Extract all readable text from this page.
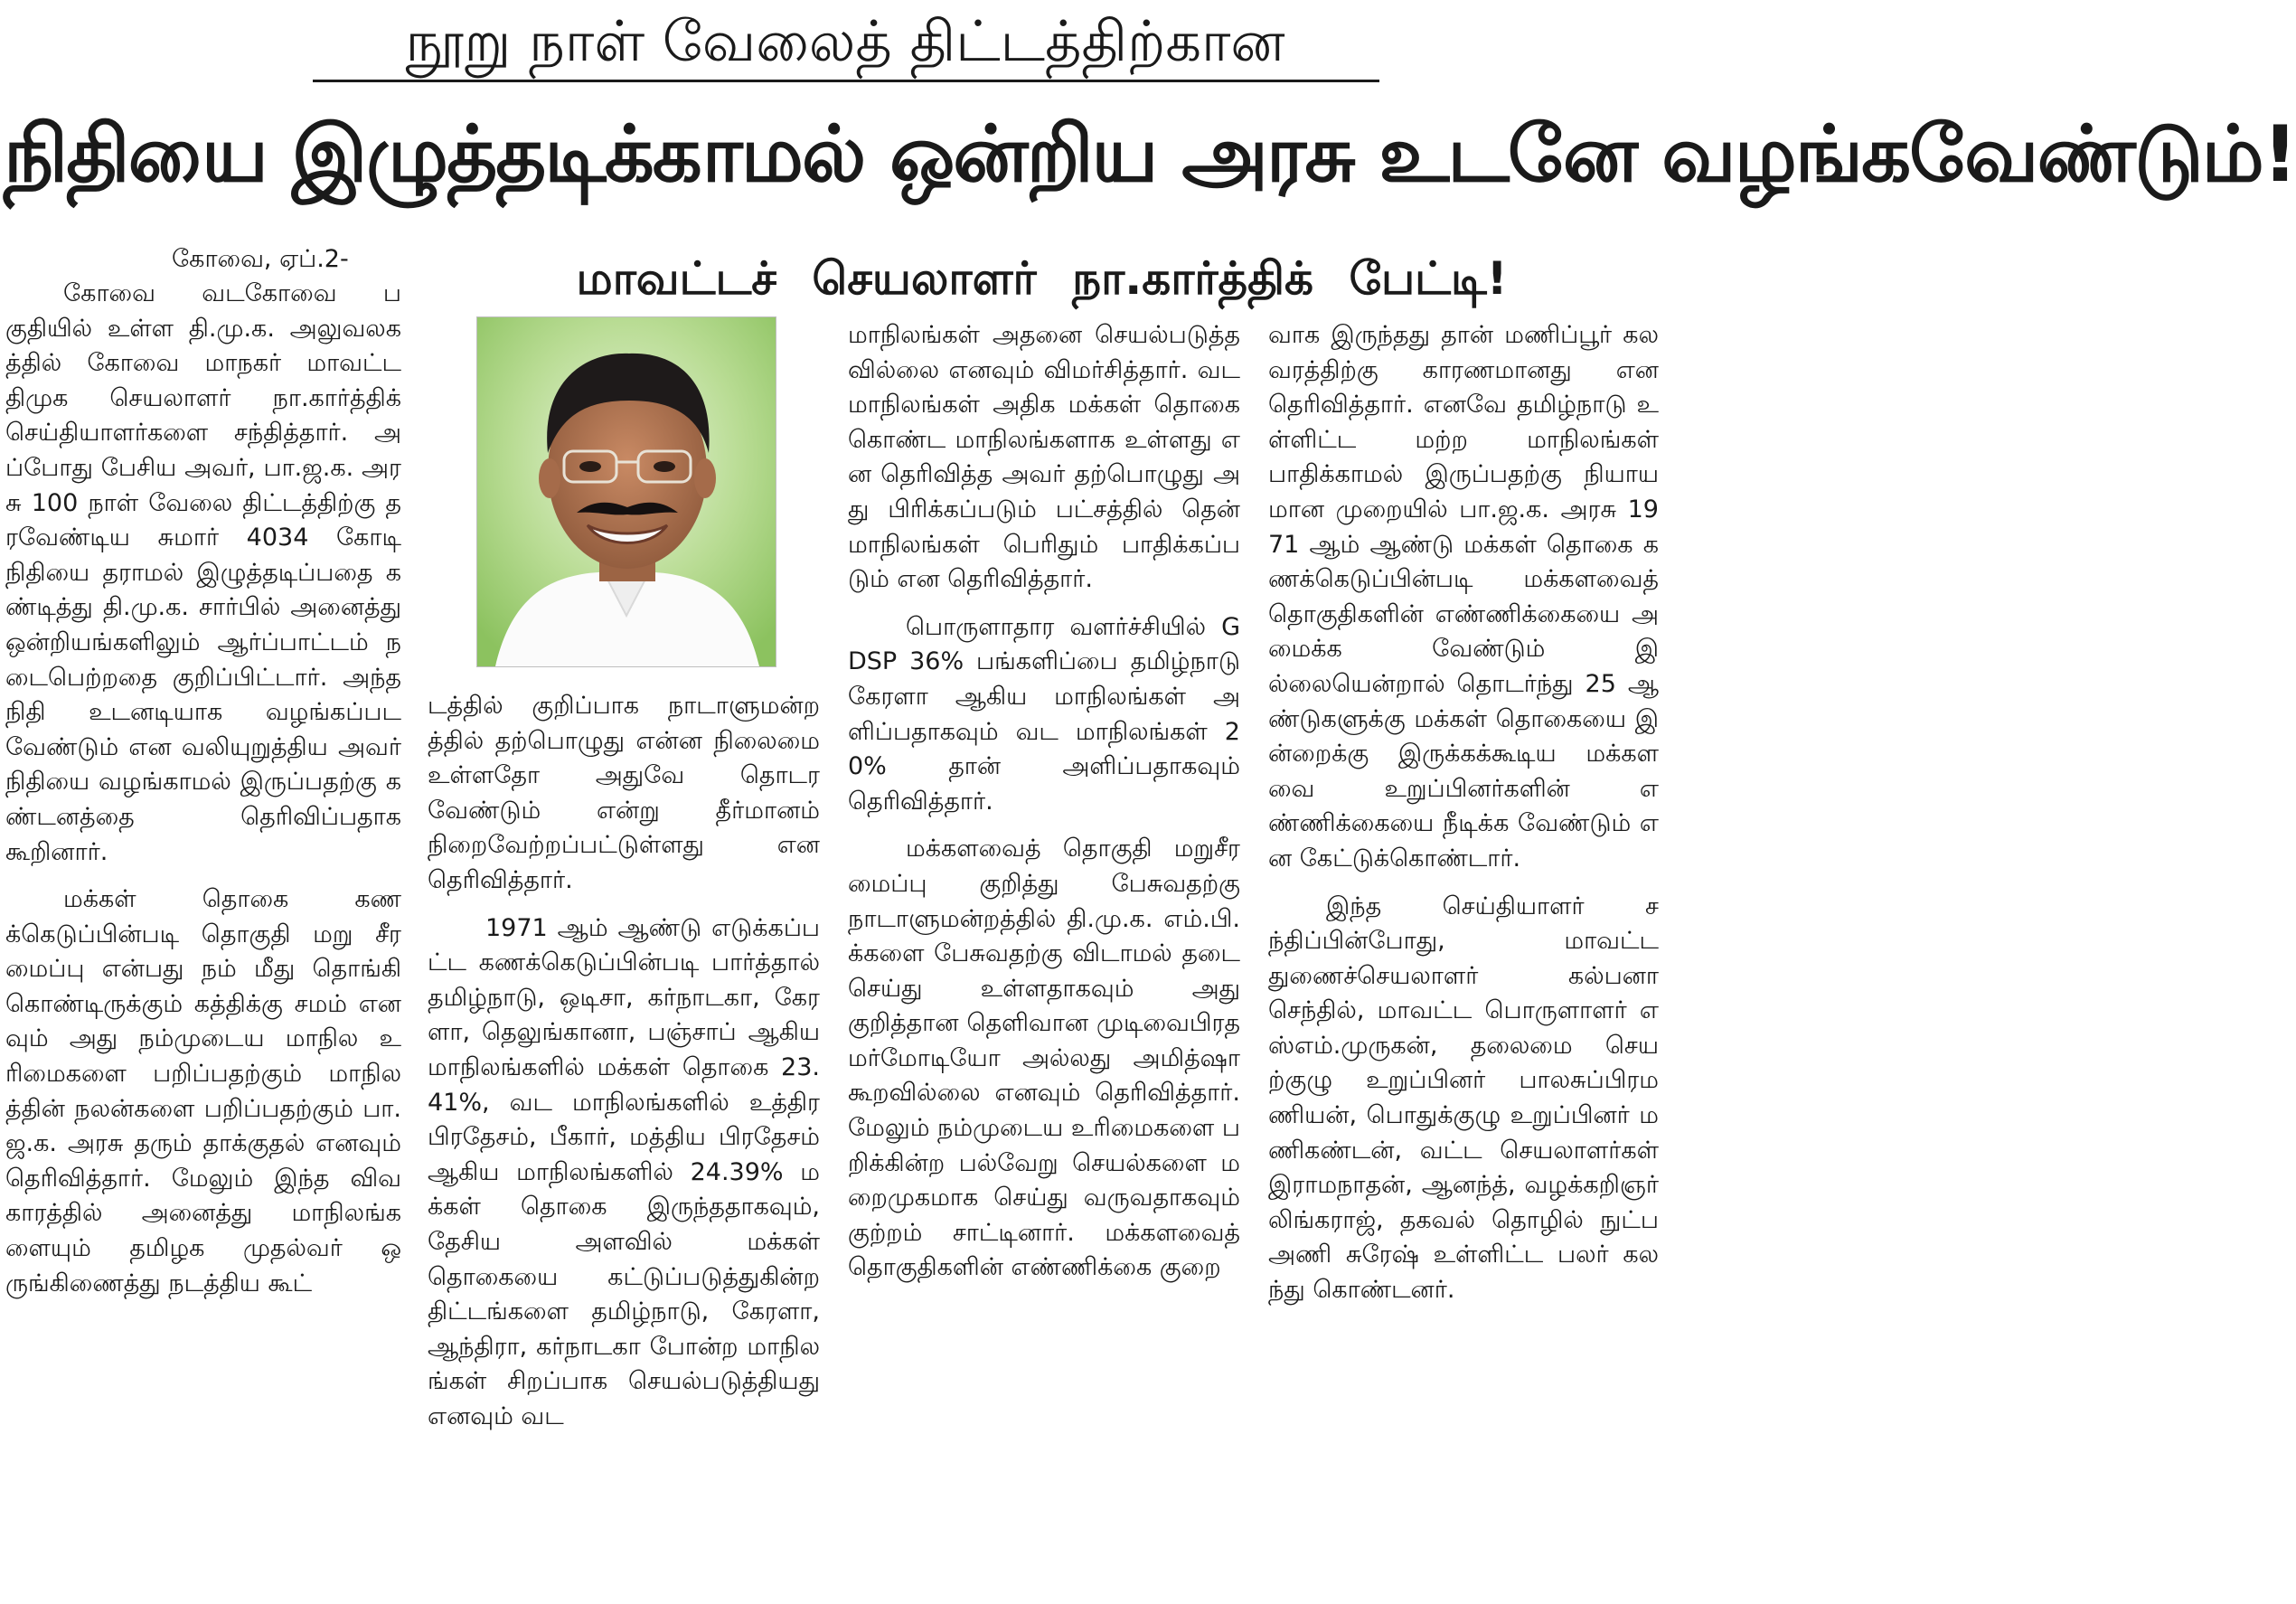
நூறு நாள் வேலைத் திட்டத்திற்கான
நிதியை இழுத்தடிக்காமல் ஒன்றிய அரசு உடனே வழங்கவேண்டும்!
கோவை, ஏப்.2-	மாவட்டச் செயலாளர் நா.கார்த்திக் பேட்டி!

கோவை வடகோவை பகுதியில் உள்ள தி.மு.க. அலுவலகத்தில் கோவை மாநகர் மாவட்ட திமுக செயலாளர் நா.கார்த்திக் செய்தியாளர்களை சந்தித்தார். அப்போது பேசிய அவர், பா.ஜ.க. அரசு 100 நாள் வேலை திட்டத்திற்கு தரவேண்டிய சுமார் 4034 கோடி நிதியை தராமல் இழுத்தடிப்பதை கண்டித்து தி.மு.க. சார்பில் அனைத்து ஒன்றியங்களிலும் ஆர்ப்பாட்டம் நடைபெற்றதை குறிப்பிட்டார். அந்த நிதி உடனடியாக வழங்கப்பட வேண்டும் என வலியுறுத்திய அவர் நிதியை வழங்காமல் இருப்பதற்கு கண்டனத்தை தெரிவிப்பதாக கூறினார்.

மக்கள் தொகை கணக்கெடுப்பின்படி தொகுதி மறு சீரமைப்பு என்பது நம் மீது தொங்கி கொண்டிருக்கும் கத்திக்கு சமம் எனவும் அது நம்முடைய மாநில உரிமைகளை பறிப்பதற்கும் மாநிலத்தின் நலன்களை பறிப்பதற்கும் பா.ஜ.க. அரசு தரும் தாக்குதல் எனவும் தெரிவித்தார். மேலும் இந்த விவகாரத்தில் அனைத்து மாநிலங்களையும் தமிழக முதல்வர் ஒருங்கிணைத்து நடத்திய கூட்

டத்தில் குறிப்பாக நாடாளுமன்றத்தில் தற்பொழுது என்ன நிலைமை உள்ளதோ அதுவே தொடர வேண்டும் என்று தீர்மானம் நிறைவேற்றப்பட்டுள்ளது என தெரிவித்தார்.

1971 ஆம் ஆண்டு எடுக்கப்பட்ட கணக்கெடுப்பின்படி பார்த்தால் தமிழ்நாடு, ஒடிசா, கர்நாடகா, கேரளா, தெலுங்கானா, பஞ்சாப் ஆகிய மாநிலங்களில் மக்கள் தொகை 23.41%, வட மாநிலங்களில் உத்திர பிரதேசம், பீகார், மத்திய பிரதேசம் ஆகிய மாநிலங்களில் 24.39% மக்கள் தொகை இருந்ததாகவும், தேசிய அளவில் மக்கள் தொகையை கட்டுப்படுத்துகின்ற திட்டங்களை தமிழ்நாடு, கேரளா, ஆந்திரா, கர்நாடகா போன்ற மாநிலங்கள் சிறப்பாக செயல்படுத்தியது எனவும் வட

மாநிலங்கள் அதனை செயல்படுத்தவில்லை எனவும் விமர்சித்தார். வடமாநிலங்கள் அதிக மக்கள் தொகை கொண்ட மாநிலங்களாக உள்ளது என தெரிவித்த அவர் தற்பொழுது அது பிரிக்கப்படும் பட்சத்தில் தென் மாநிலங்கள் பெரிதும் பாதிக்கப்படும் என தெரிவித்தார்.

பொருளாதார வளர்ச்சியில் GDSP 36% பங்களிப்பை தமிழ்நாடு கேரளா ஆகிய மாநிலங்கள் அளிப்பதாகவும் வட மாநிலங்கள் 20% தான் அளிப்பதாகவும் தெரிவித்தார்.

மக்களவைத் தொகுதி மறுசீரமைப்பு குறித்து பேசுவதற்கு நாடாளுமன்றத்தில் தி.மு.க. எம்.பி.க்களை பேசுவதற்கு விடாமல் தடை செய்து உள்ளதாகவும் அது குறித்தான தெளிவான முடிவைபிரதமர்மோடியோ அல்லது அமித்ஷா கூறவில்லை எனவும் தெரிவித்தார். மேலும் நம்முடைய உரிமைகளை பறிக்கின்ற பல்வேறு செயல்களை மறைமுகமாக செய்து வருவதாகவும் குற்றம் சாட்டினார். மக்களவைத் தொகுதிகளின் எண்ணிக்கை குறை

வாக இருந்தது தான் மணிப்பூர் கலவரத்திற்கு காரணமானது என தெரிவித்தார். எனவே தமிழ்நாடு உள்ளிட்ட மற்ற மாநிலங்கள் பாதிக்காமல் இருப்பதற்கு நியாயமான முறையில் பா.ஜ.க. அரசு 1971 ஆம் ஆண்டு மக்கள் தொகை கணக்கெடுப்பின்படி மக்களவைத் தொகுதிகளின் எண்ணிக்கையை அமைக்க வேண்டும் இல்லையென்றால் தொடர்ந்து 25 ஆண்டுகளுக்கு மக்கள் தொகையை இன்றைக்கு இருக்கக்கூடிய மக்களவை உறுப்பினர்களின் எண்ணிக்கையை நீடிக்க வேண்டும் என கேட்டுக்கொண்டார்.

இந்த செய்தியாளர் சந்திப்பின்போது, மாவட்ட துணைச்செயலாளர் கல்பனா செந்தில், மாவட்ட பொருளாளர் எஸ்எம்.முருகன், தலைமை செயற்குழு உறுப்பினர் பாலசுப்பிரமணியன், பொதுக்குழு உறுப்பினர் மணிகண்டன், வட்ட செயலாளர்கள் இராமநாதன், ஆனந்த், வழக்கறிஞர் லிங்கராஜ், தகவல் தொழில் நுட்ப அணி சுரேஷ் உள்ளிட்ட பலர் கலந்து கொண்டனர்.
